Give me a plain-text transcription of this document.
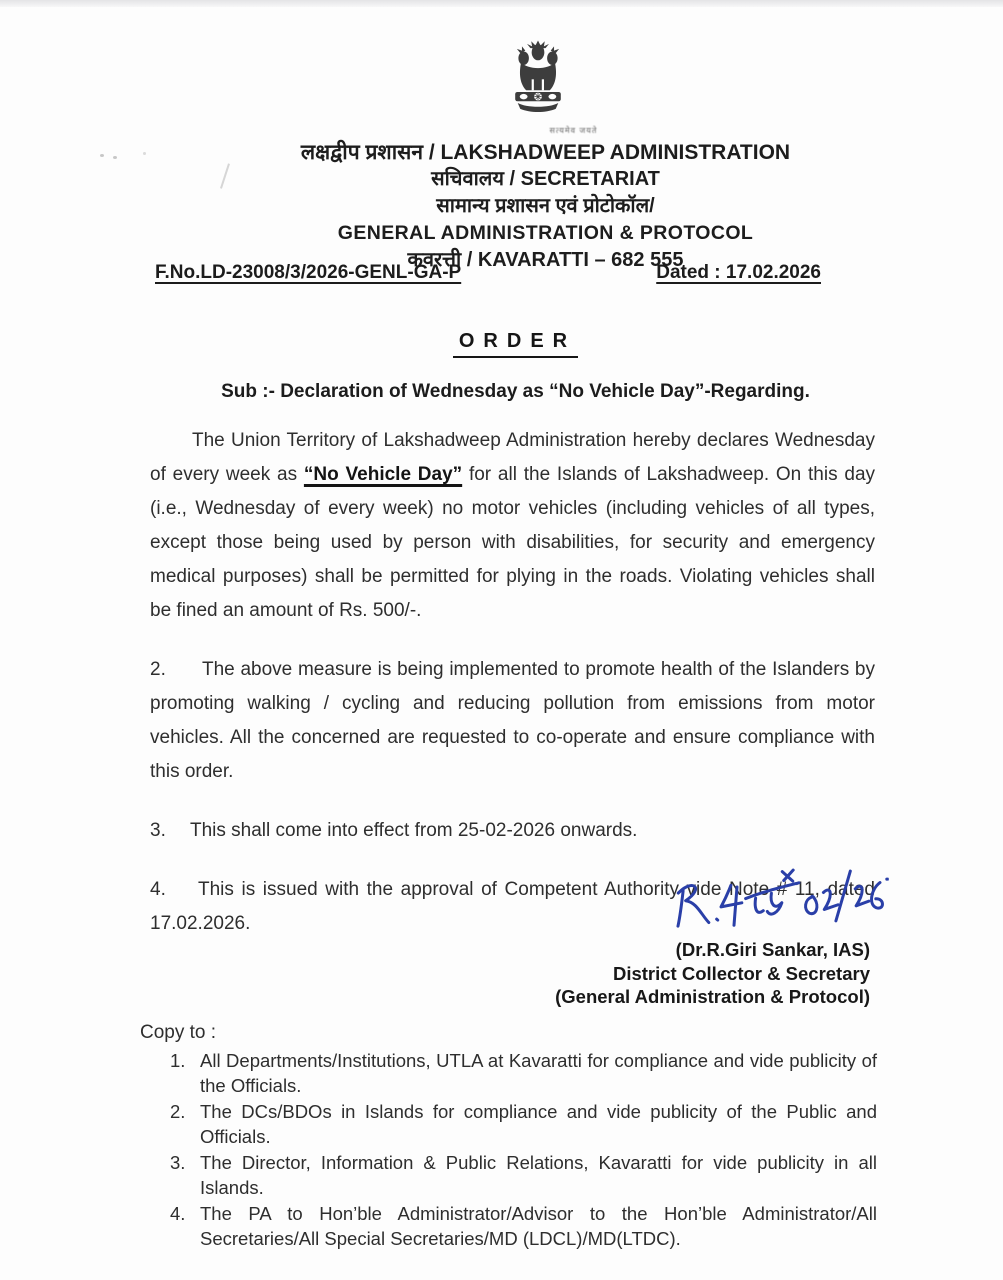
सत्यमेव जयते
लक्षद्वीप प्रशासन / LAKSHADWEEP ADMINISTRATION
सचिवालय / SECRETARIAT
सामान्य प्रशासन एवं प्रोटोकॉल/
GENERAL ADMINISTRATION & PROTOCOL
कवरत्ती / KAVARATTI – 682 555
F.No.LD-23008/3/2026-GENL-GA-P	Dated : 17.02.2026
ORDER
Sub :- Declaration of Wednesday as “No Vehicle Day”-Regarding.

The Union Territory of Lakshadweep Administration hereby declares Wednesday of every week as “No Vehicle Day” for all the Islands of Lakshadweep. On this day (i.e., Wednesday of every week) no motor vehicles (including vehicles of all types, except those being used by person with disabilities, for security and emergency medical purposes) shall be permitted for plying in the roads. Violating vehicles shall be fined an amount of Rs. 500/-.

2. The above measure is being implemented to promote health of the Islanders by promoting walking / cycling and reducing pollution from emissions from motor vehicles. All the concerned are requested to co-operate and ensure compliance with this order.

3. This shall come into effect from 25-02-2026 onwards.

4. This is issued with the approval of Competent Authority vide Note # 11, dated 17.02.2026.

(Dr.R.Giri Sankar, IAS)
District Collector & Secretary
(General Administration & Protocol)
Copy to :
1. All Departments/Institutions, UTLA at Kavaratti for compliance and vide publicity of the Officials.
2. The DCs/BDOs in Islands for compliance and vide publicity of the Public and Officials.
3. The Director, Information & Public Relations, Kavaratti for vide publicity in all Islands.
4. The PA to Hon’ble Administrator/Advisor to the Hon’ble Administrator/All Secretaries/All Special Secretaries/MD (LDCL)/MD(LTDC).
